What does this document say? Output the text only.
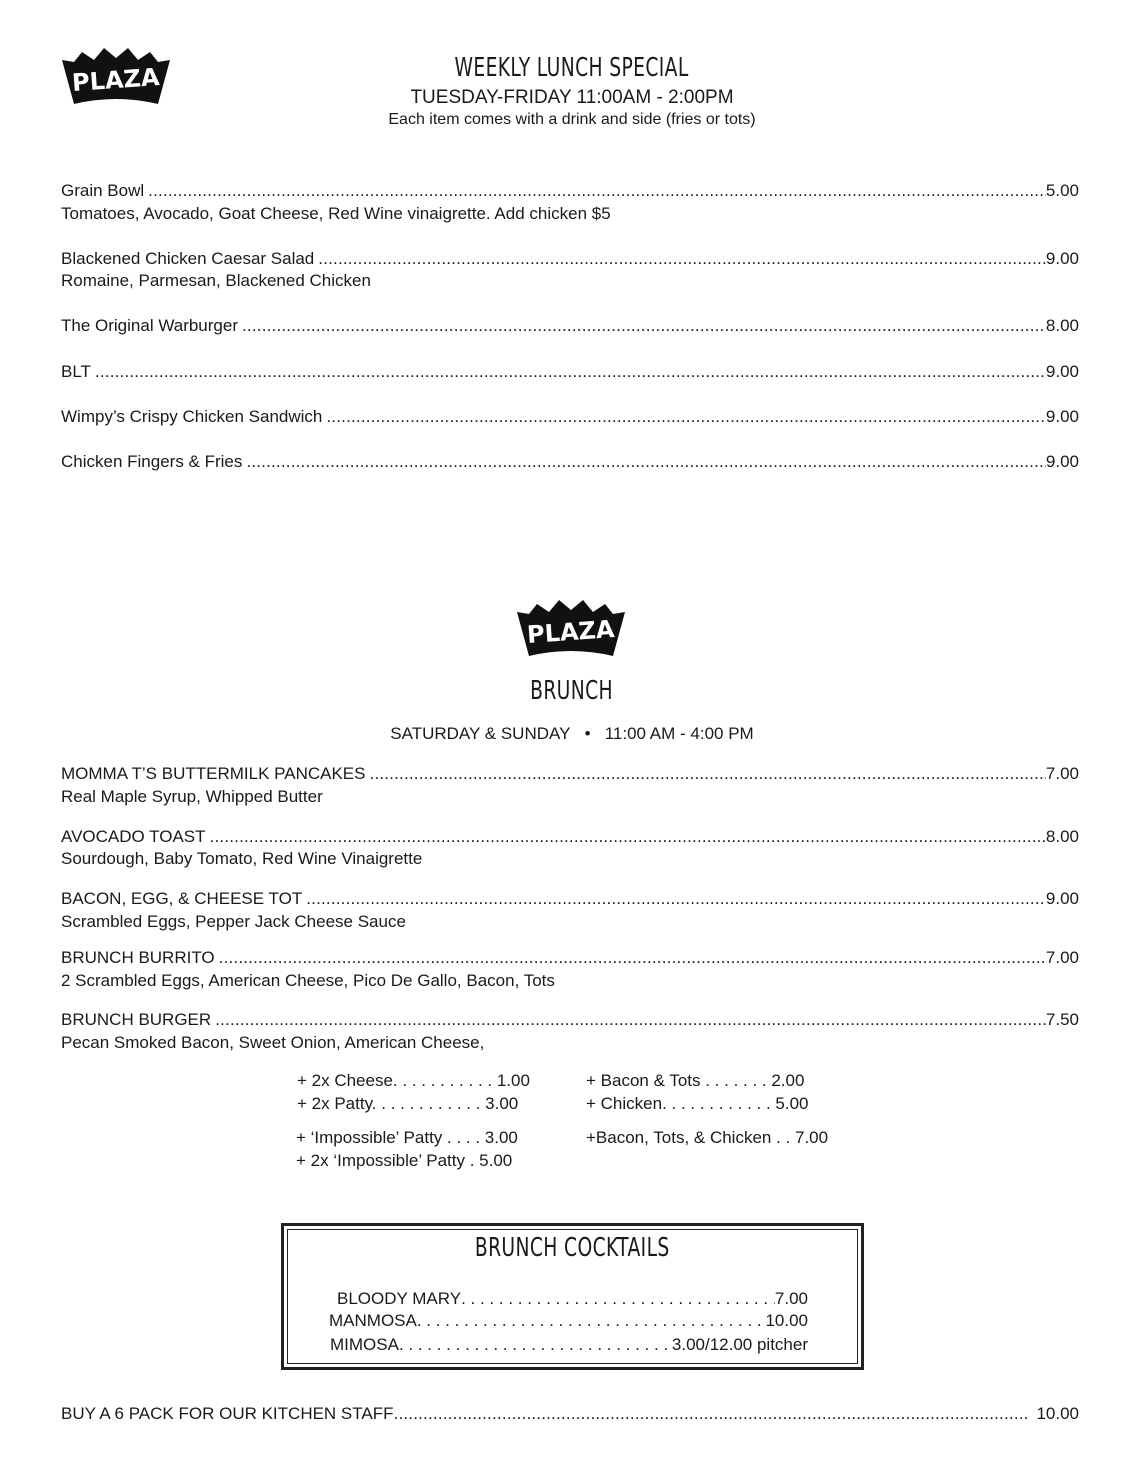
PLAZA	WEEKLY LUNCH SPECIAL
TUESDAY-FRIDAY 11:00AM - 2:00PM
Each item comes with a drink and side (fries or tots)
Grain Bowl .....	5.00
Tomatoes, Avocado, Goat Cheese, Red Wine vinaigrette. Add chicken $5
Blackened Chicken Caesar Salad .....	9.00
Romaine, Parmesan, Blackened Chicken
The Original Warburger .....	8.00
BLT .....	9.00
Wimpy’s Crispy Chicken Sandwich .....	9.00
Chicken Fingers & Fries .....	9.00
PLAZA
BRUNCH
SATURDAY & SUNDAY • 11:00 AM - 4:00 PM
MOMMA T’S BUTTERMILK PANCAKES .....	7.00
Real Maple Syrup, Whipped Butter
AVOCADO TOAST .....	8.00
Sourdough, Baby Tomato, Red Wine Vinaigrette
BACON, EGG, & CHEESE TOT .....	9.00
Scrambled Eggs, Pepper Jack Cheese Sauce
BRUNCH BURRITO .....	7.00
2 Scrambled Eggs, American Cheese, Pico De Gallo, Bacon, Tots
BRUNCH BURGER .....	7.50
Pecan Smoked Bacon, Sweet Onion, American Cheese,
+ 2x Cheese. . . . . . . . . . . 1.00
+ 2x Patty. . . . . . . . . . . . 3.00
+ ‘Impossible’ Patty . . . . 3.00
+ 2x ‘Impossible’ Patty . 5.00
+ Bacon & Tots . . . . . . . 2.00
+ Chicken. . . . . . . . . . . . 5.00
+Bacon, Tots, & Chicken . . 7.00
BRUNCH COCKTAILS
BLOODY MARY . . .	7.00
MANMOSA . . .	10.00
MIMOSA . . .	3.00/12.00 pitcher
BUY A 6 PACK FOR OUR KITCHEN STAFF .....	10.00
